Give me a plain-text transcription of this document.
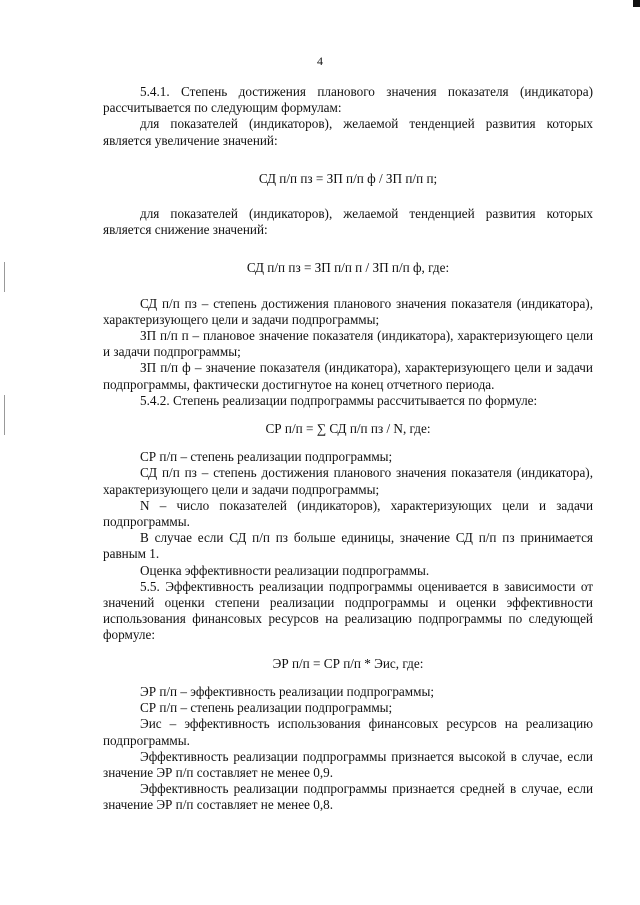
4

5.4.1. Степень достижения планового значения показателя (индикатора) рассчитывается по следующим формулам:

для показателей (индикаторов), желаемой тенденцией развития которых является увеличение значений:

СД п/п пз = ЗП п/п ф / ЗП п/п п;

для показателей (индикаторов), желаемой тенденцией развития которых является снижение значений:

СД п/п пз = ЗП п/п п / ЗП п/п ф, где:

СД п/п пз – степень достижения планового значения показателя (индикатора), характеризующего цели и задачи подпрограммы;

ЗП п/п п – плановое значение показателя (индикатора), характеризующего цели и задачи подпрограммы;

ЗП п/п ф – значение показателя (индикатора), характеризующего цели и задачи подпрограммы, фактически достигнутое на конец отчетного периода.

5.4.2. Степень реализации подпрограммы рассчитывается по формуле:

СР п/п = ∑ СД п/п пз / N, где:

СР п/п – степень реализации подпрограммы;

СД п/п пз – степень достижения планового значения показателя (индикатора), характеризующего цели и задачи подпрограммы;

N – число показателей (индикаторов), характеризующих цели и задачи подпрограммы.

В случае если СД п/п пз больше единицы, значение СД п/п пз принимается равным 1.

Оценка эффективности реализации подпрограммы.

5.5. Эффективность реализации подпрограммы оценивается в зависимости от значений оценки степени реализации подпрограммы и оценки эффективности использования финансовых ресурсов на реализацию подпрограммы по следующей формуле:

ЭР п/п = СР п/п * Эис, где:

ЭР п/п – эффективность реализации подпрограммы;

СР п/п – степень реализации подпрограммы;

Эис – эффективность использования финансовых ресурсов на реализацию подпрограммы.

Эффективность реализации подпрограммы признается высокой в случае, если значение ЭР п/п составляет не менее 0,9.

Эффективность реализации подпрограммы признается средней в случае, если значение ЭР п/п составляет не менее 0,8.
